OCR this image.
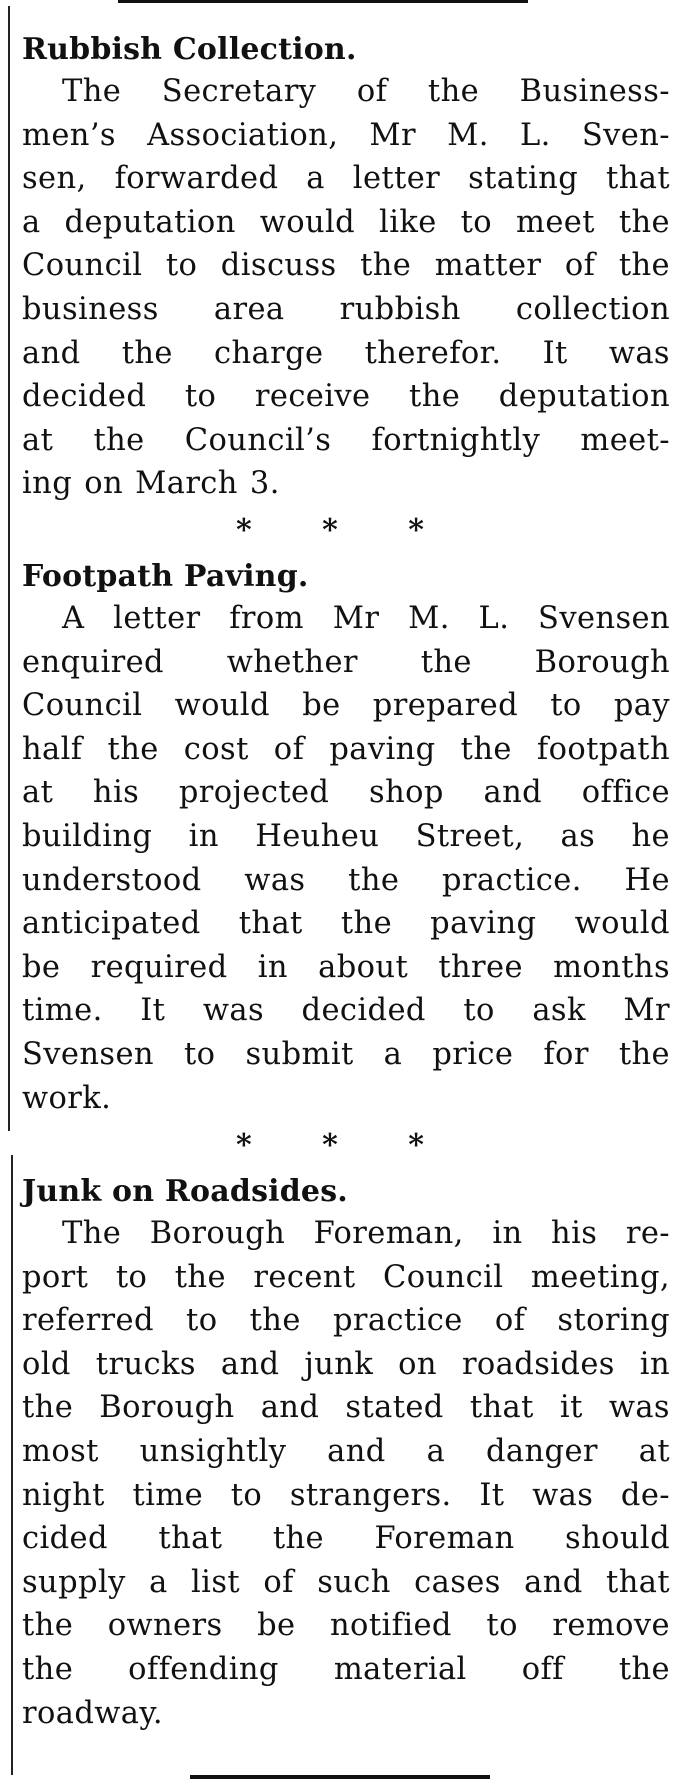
Rubbish Collection.

The Secretary of the Business-
men’s Association, Mr M. L. Sven-
sen, forwarded a letter stating that
a deputation would like to meet the
Council to discuss the matter of the
business area rubbish collection
and the charge therefor. It was
decided to receive the deputation
at the Council’s fortnightly meet-
ing on March 3.

* * *

Footpath Paving.

A letter from Mr M. L. Svensen
enquired whether the Borough
Council would be prepared to pay
half the cost of paving the footpath
at his projected shop and office
building in Heuheu Street, as he
understood was the practice. He
anticipated that the paving would
be required in about three months
time. It was decided to ask Mr
Svensen to submit a price for the
work.

* * *

Junk on Roadsides.

The Borough Foreman, in his re-
port to the recent Council meeting,
referred to the practice of storing
old trucks and junk on roadsides in
the Borough and stated that it was
most unsightly and a danger at
night time to strangers. It was de-
cided that the Foreman should
supply a list of such cases and that
the owners be notified to remove
the offending material off the
roadway.
